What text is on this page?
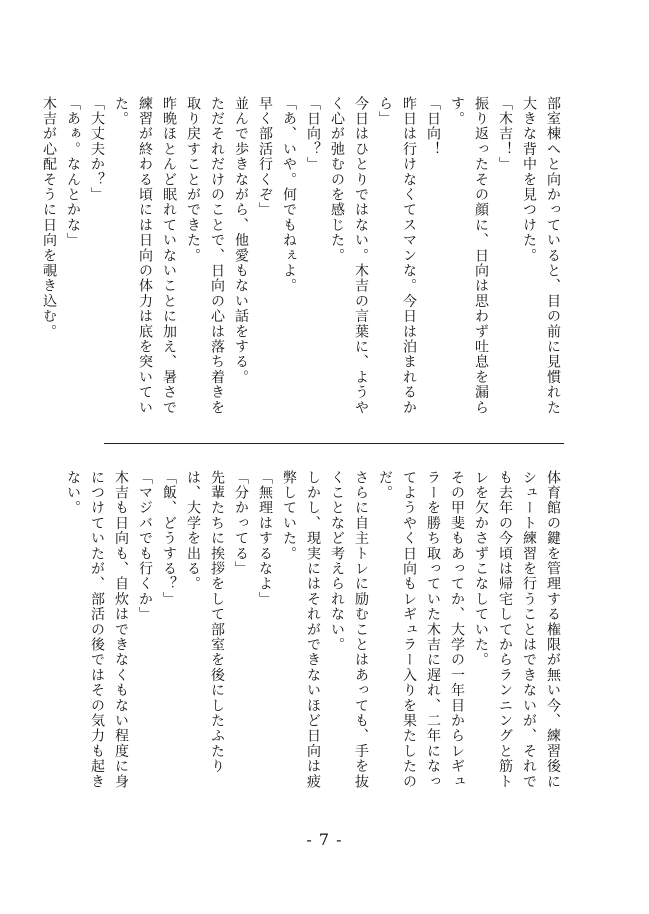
部室棟へと向かっていると、目の前に見慣れた大きな背中を見つけた。

「木吉！」

振り返ったその顔に、日向は思わず吐息を漏らす。

「日向！

昨日は行けなくてスマンな。今日は泊まれるから」

今日はひとりではない。木吉の言葉に、ようやく心が弛むのを感じた。

「日向？」

「あ、いや。何でもねぇよ。

早く部活行くぞ」

並んで歩きながら、他愛もない話をする。

ただそれだけのことで、日向の心は落ち着きを取り戻すことができた。

昨晩ほとんど眠れていないことに加え、暑さで練習が終わる頃には日向の体力は底を突いていた。

「大丈夫か？」

「あぁ。なんとかな」

木吉が心配そうに日向を覗き込む。

体育館の鍵を管理する権限が無い今、練習後にシュート練習を行うことはできないが、それでも去年の今頃は帰宅してからランニングと筋トレを欠かさずこなしていた。

その甲斐もあってか、大学の一年目からレギュラーを勝ち取っていた木吉に遅れ、二年になってようやく日向もレギュラー入りを果たしたのだ。

さらに自主トレに励むことはあっても、手を抜くことなど考えられない。

しかし、現実にはそれができないほど日向は疲弊していた。

「無理はするなよ」

「分かってる」

先輩たちに挨拶をして部室を後にしたふたりは、大学を出る。

「飯、どうする？」

「マジバでも行くか」

木吉も日向も、自炊はできなくもない程度に身につけていたが、部活の後ではその気力も起きない。

- 7 -
